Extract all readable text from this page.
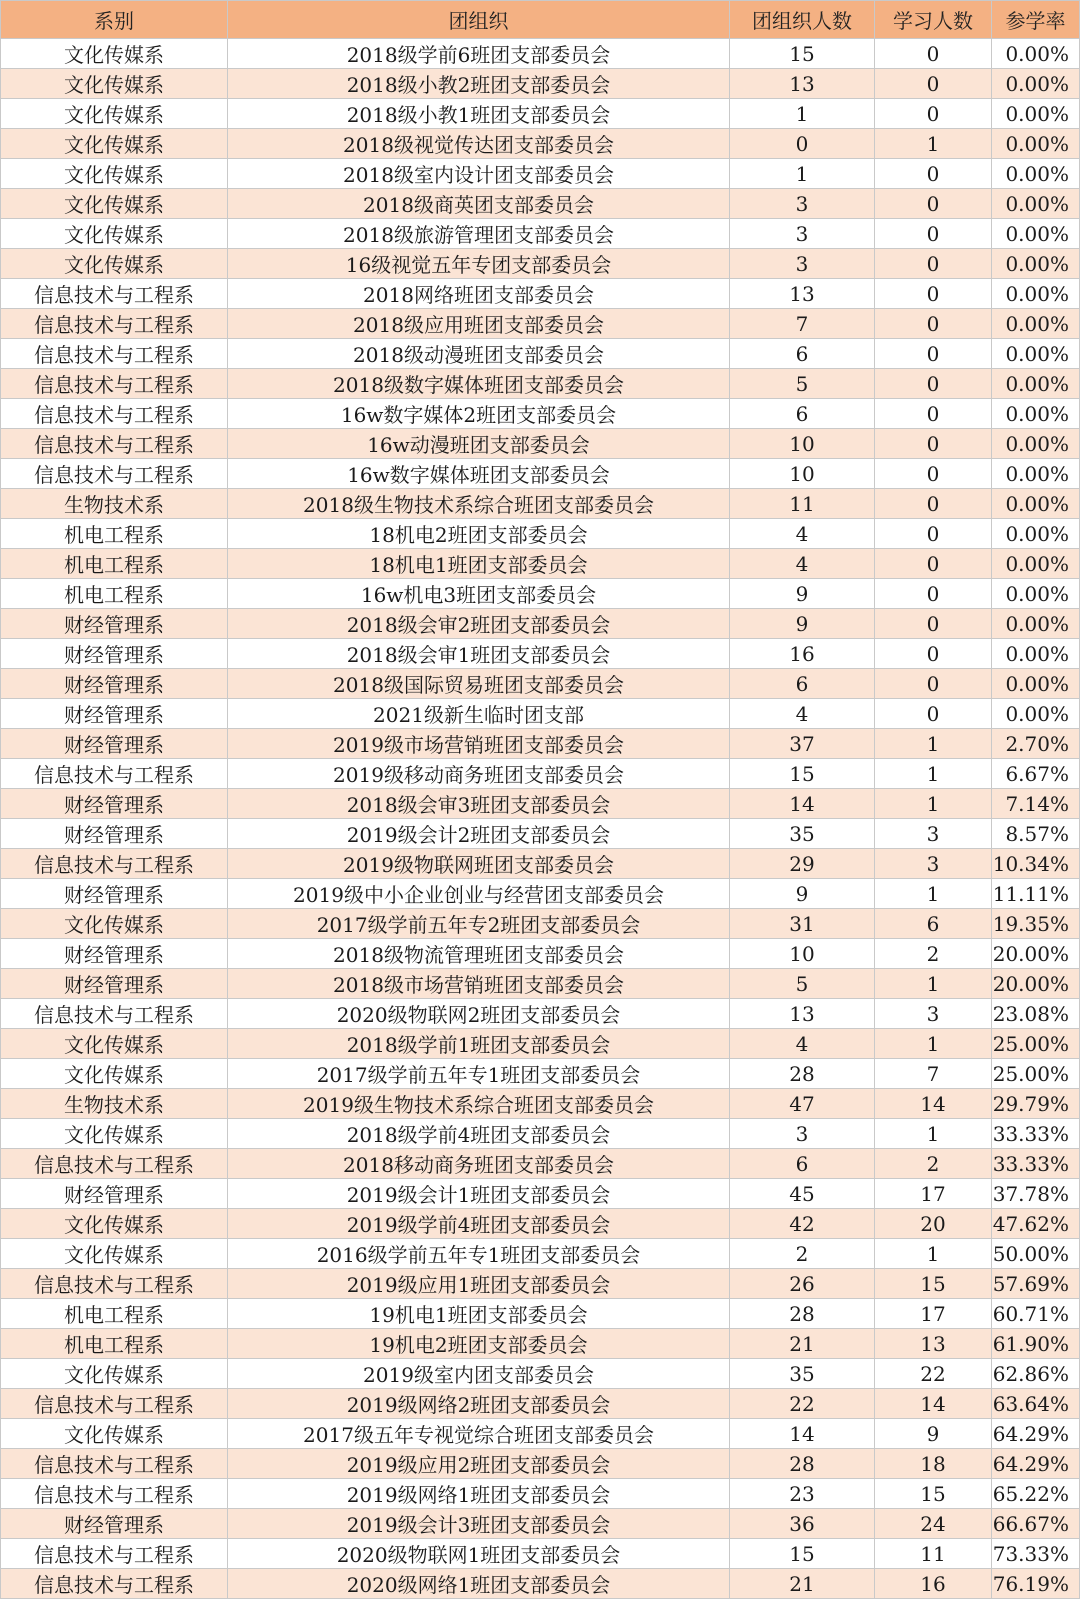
系别	团组织	团组织人数	学习人数	参学率
文化传媒系	2018级学前6班团支部委员会	15	0	0.00%
文化传媒系	2018级小教2班团支部委员会	13	0	0.00%
文化传媒系	2018级小教1班团支部委员会	1	0	0.00%
文化传媒系	2018级视觉传达团支部委员会	0	1	0.00%
文化传媒系	2018级室内设计团支部委员会	1	0	0.00%
文化传媒系	2018级商英团支部委员会	3	0	0.00%
文化传媒系	2018级旅游管理团支部委员会	3	0	0.00%
文化传媒系	16级视觉五年专团支部委员会	3	0	0.00%
信息技术与工程系	2018网络班团支部委员会	13	0	0.00%
信息技术与工程系	2018级应用班团支部委员会	7	0	0.00%
信息技术与工程系	2018级动漫班团支部委员会	6	0	0.00%
信息技术与工程系	2018级数字媒体班团支部委员会	5	0	0.00%
信息技术与工程系	16w数字媒体2班团支部委员会	6	0	0.00%
信息技术与工程系	16w动漫班团支部委员会	10	0	0.00%
信息技术与工程系	16w数字媒体班团支部委员会	10	0	0.00%
生物技术系	2018级生物技术系综合班团支部委员会	11	0	0.00%
机电工程系	18机电2班团支部委员会	4	0	0.00%
机电工程系	18机电1班团支部委员会	4	0	0.00%
机电工程系	16w机电3班团支部委员会	9	0	0.00%
财经管理系	2018级会审2班团支部委员会	9	0	0.00%
财经管理系	2018级会审1班团支部委员会	16	0	0.00%
财经管理系	2018级国际贸易班团支部委员会	6	0	0.00%
财经管理系	2021级新生临时团支部	4	0	0.00%
财经管理系	2019级市场营销班团支部委员会	37	1	2.70%
信息技术与工程系	2019级移动商务班团支部委员会	15	1	6.67%
财经管理系	2018级会审3班团支部委员会	14	1	7.14%
财经管理系	2019级会计2班团支部委员会	35	3	8.57%
信息技术与工程系	2019级物联网班团支部委员会	29	3	10.34%
财经管理系	2019级中小企业创业与经营团支部委员会	9	1	11.11%
文化传媒系	2017级学前五年专2班团支部委员会	31	6	19.35%
财经管理系	2018级物流管理班团支部委员会	10	2	20.00%
财经管理系	2018级市场营销班团支部委员会	5	1	20.00%
信息技术与工程系	2020级物联网2班团支部委员会	13	3	23.08%
文化传媒系	2018级学前1班团支部委员会	4	1	25.00%
文化传媒系	2017级学前五年专1班团支部委员会	28	7	25.00%
生物技术系	2019级生物技术系综合班团支部委员会	47	14	29.79%
文化传媒系	2018级学前4班团支部委员会	3	1	33.33%
信息技术与工程系	2018移动商务班团支部委员会	6	2	33.33%
财经管理系	2019级会计1班团支部委员会	45	17	37.78%
文化传媒系	2019级学前4班团支部委员会	42	20	47.62%
文化传媒系	2016级学前五年专1班团支部委员会	2	1	50.00%
信息技术与工程系	2019级应用1班团支部委员会	26	15	57.69%
机电工程系	19机电1班团支部委员会	28	17	60.71%
机电工程系	19机电2班团支部委员会	21	13	61.90%
文化传媒系	2019级室内团支部委员会	35	22	62.86%
信息技术与工程系	2019级网络2班团支部委员会	22	14	63.64%
文化传媒系	2017级五年专视觉综合班团支部委员会	14	9	64.29%
信息技术与工程系	2019级应用2班团支部委员会	28	18	64.29%
信息技术与工程系	2019级网络1班团支部委员会	23	15	65.22%
财经管理系	2019级会计3班团支部委员会	36	24	66.67%
信息技术与工程系	2020级物联网1班团支部委员会	15	11	73.33%
信息技术与工程系	2020级网络1班团支部委员会	21	16	76.19%
